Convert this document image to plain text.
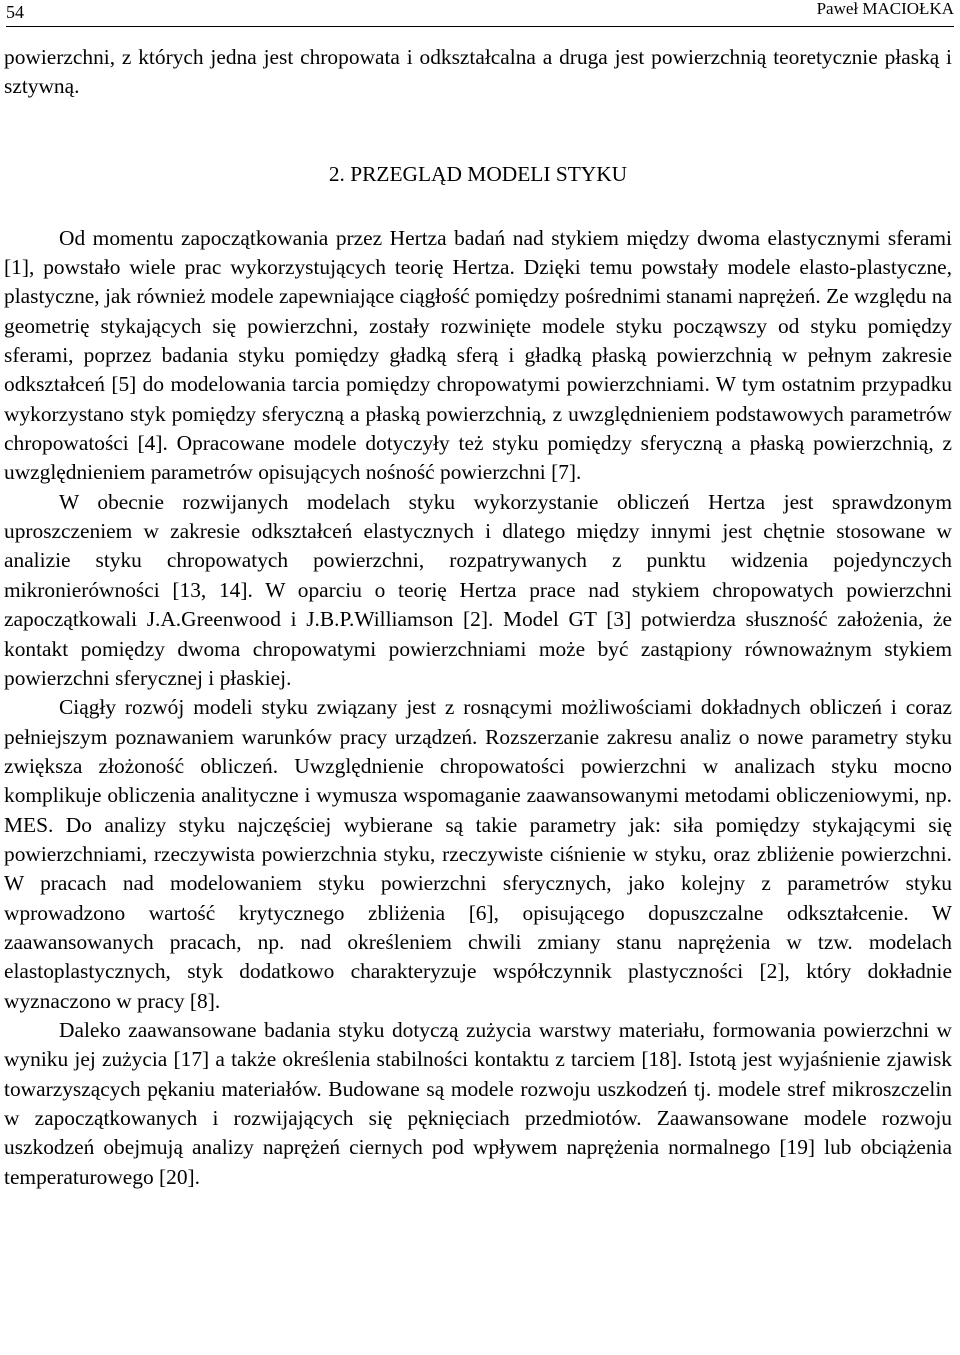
54	Paweł MACIOŁKA

powierzchni, z których jedna jest chropowata i odkształcalna a druga jest powierzchnią teoretycznie płaską i sztywną.

2. PRZEGLĄD MODELI STYKU

Od momentu zapoczątkowania przez Hertza badań nad stykiem między dwoma elastycznymi sferami [1], powstało wiele prac wykorzystujących teorię Hertza. Dzięki temu powstały modele elasto-plastyczne, plastyczne, jak również modele zapewniające ciągłość pomiędzy pośrednimi stanami naprężeń. Ze względu na geometrię stykających się powierzchni, zostały rozwinięte modele styku począwszy od styku pomiędzy sferami, poprzez badania styku pomiędzy gładką sferą i gładką płaską powierzchnią w pełnym zakresie odkształceń [5] do modelowania tarcia pomiędzy chropowatymi powierzchniami. W tym ostatnim przypadku wykorzystano styk pomiędzy sferyczną a płaską powierzchnią, z uwzględnieniem podstawowych parametrów chropowatości [4]. Opracowane modele dotyczyły też styku pomiędzy sferyczną a płaską powierzchnią, z uwzględnieniem parametrów opisujących nośność powierzchni [7].

W obecnie rozwijanych modelach styku wykorzystanie obliczeń Hertza jest sprawdzonym uproszczeniem w zakresie odkształceń elastycznych i dlatego między innymi jest chętnie stosowane w analizie styku chropowatych powierzchni, rozpatrywanych z punktu widzenia pojedynczych mikronierówności [13, 14]. W oparciu o teorię Hertza prace nad stykiem chropowatych powierzchni zapoczątkowali J.A.Greenwood i J.B.P.Williamson [2]. Model GT [3] potwierdza słuszność założenia, że kontakt pomiędzy dwoma chropowatymi powierzchniami może być zastąpiony równoważnym stykiem powierzchni sferycznej i płaskiej.

Ciągły rozwój modeli styku związany jest z rosnącymi możliwościami dokładnych obliczeń i coraz pełniejszym poznawaniem warunków pracy urządzeń. Rozszerzanie zakresu analiz o nowe parametry styku zwiększa złożoność obliczeń. Uwzględnienie chropowatości powierzchni w analizach styku mocno komplikuje obliczenia analityczne i wymusza wspomaganie zaawansowanymi metodami obliczeniowymi, np. MES. Do analizy styku najczęściej wybierane są takie parametry jak: siła pomiędzy stykającymi się powierzchniami, rzeczywista powierzchnia styku, rzeczywiste ciśnienie w styku, oraz zbliżenie powierzchni. W pracach nad modelowaniem styku powierzchni sferycznych, jako kolejny z parametrów styku wprowadzono wartość krytycznego zbliżenia [6], opisującego dopuszczalne odkształcenie. W zaawansowanych pracach, np. nad określeniem chwili zmiany stanu naprężenia w tzw. modelach elastoplastycznych, styk dodatkowo charakteryzuje współczynnik plastyczności [2], który dokładnie wyznaczono w pracy [8].

Daleko zaawansowane badania styku dotyczą zużycia warstwy materiału, formowania powierzchni w wyniku jej zużycia [17] a także określenia stabilności kontaktu z tarciem [18]. Istotą jest wyjaśnienie zjawisk towarzyszących pękaniu materiałów. Budowane są modele rozwoju uszkodzeń tj. modele stref mikroszczelin w zapoczątkowanych i rozwijających się pęknięciach przedmiotów. Zaawansowane modele rozwoju uszkodzeń obejmują analizy naprężeń ciernych pod wpływem naprężenia normalnego [19] lub obciążenia temperaturowego [20].
